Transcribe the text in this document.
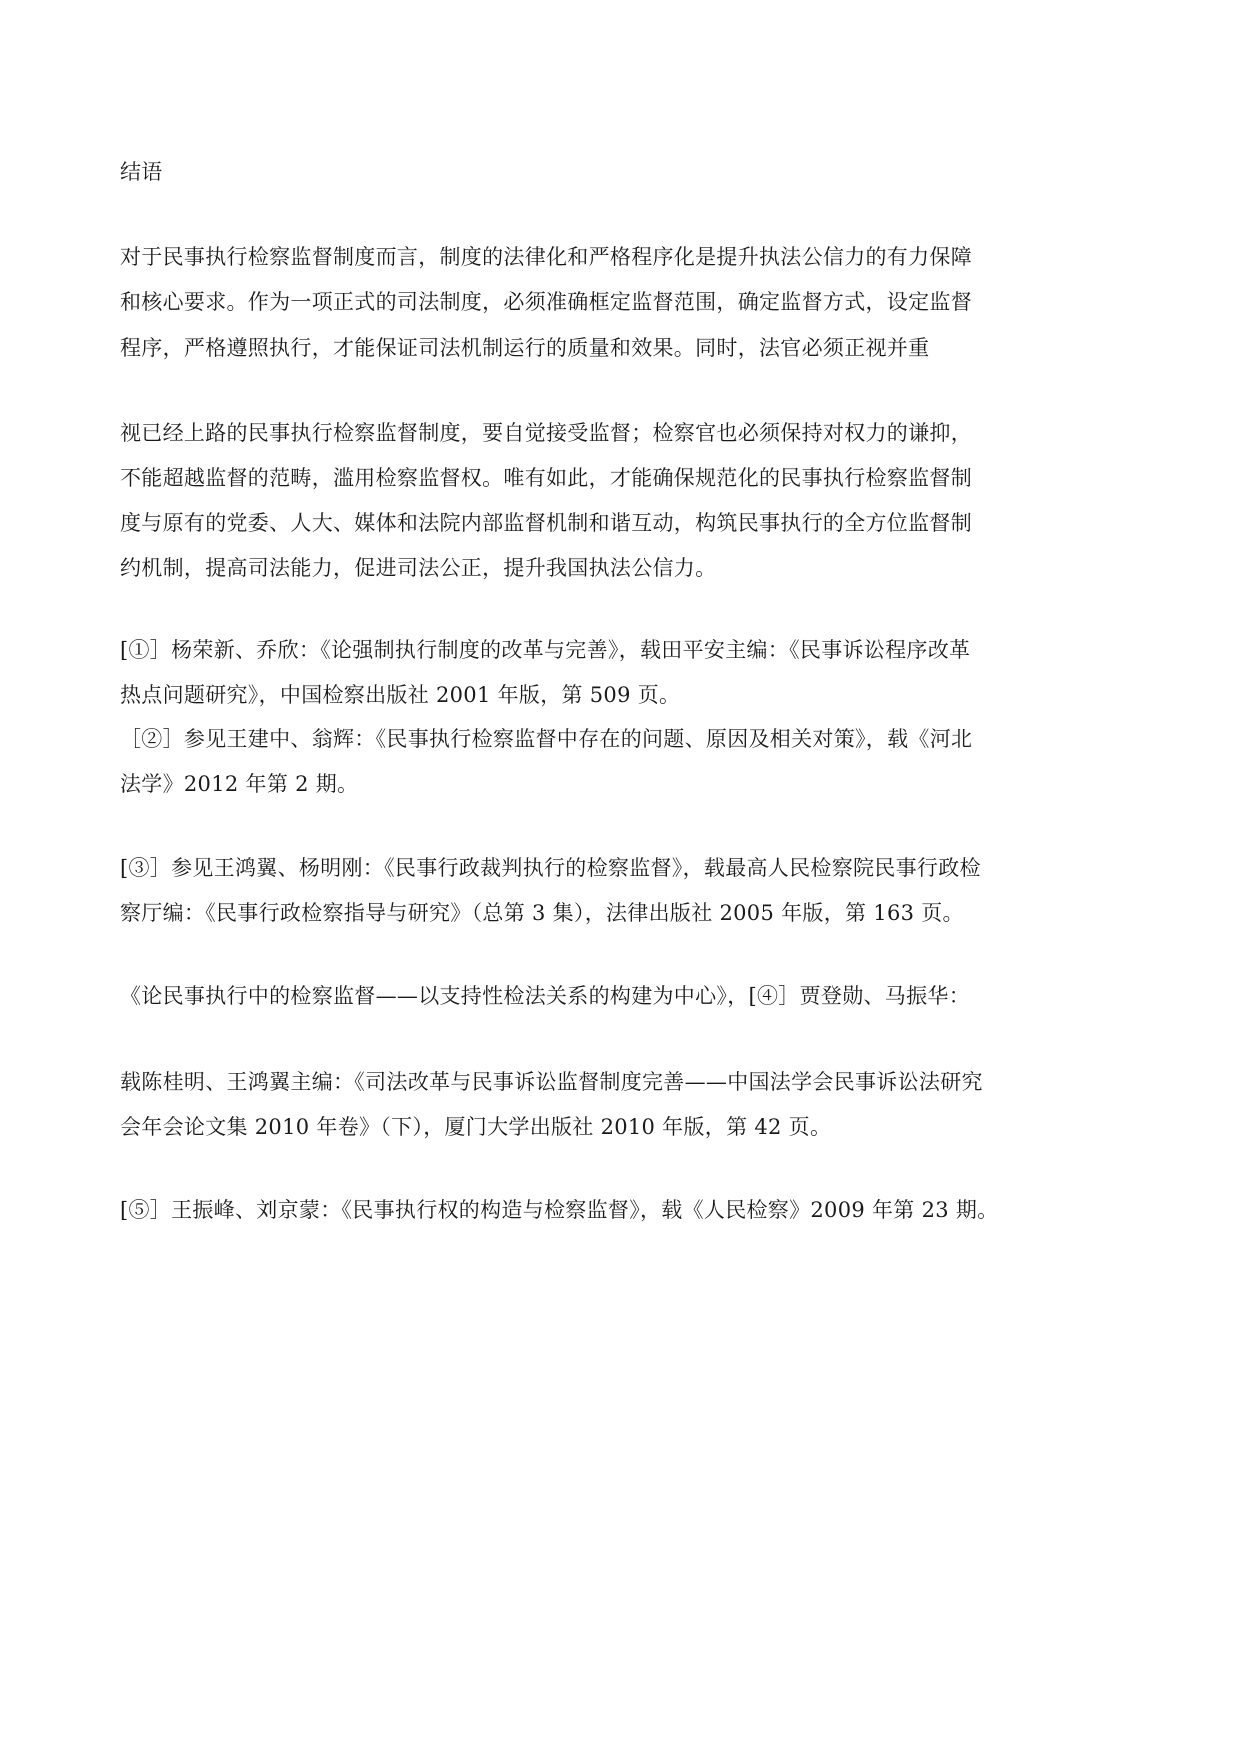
结语
对于民事执行检察监督制度而言，制度的法律化和严格程序化是提升执法公信力的有力保障
和核心要求。作为一项正式的司法制度，必须准确框定监督范围，确定监督方式，设定监督
程序，严格遵照执行，才能保证司法机制运行的质量和效果。同时，法官必须正视并重
视已经上路的民事执行检察监督制度，要自觉接受监督；检察官也必须保持对权力的谦抑，
不能超越监督的范畴，滥用检察监督权。唯有如此，才能确保规范化的民事执行检察监督制
度与原有的党委、人大、媒体和法院内部监督机制和谐互动，构筑民事执行的全方位监督制
约机制，提高司法能力，促进司法公正，提升我国执法公信力。
[①］杨荣新、乔欣：《论强制执行制度的改革与完善》，载田平安主编：《民事诉讼程序改革
热点问题研究》，中国检察出版社 2001 年版，第 509 页。
［②］参见王建中、翁辉：《民事执行检察监督中存在的问题、原因及相关对策》，载《河北
法学》2012 年第 2 期。
[③］参见王鸿翼、杨明刚：《民事行政裁判执行的检察监督》，载最高人民检察院民事行政检
察厅编：《民事行政检察指导与研究》（总第 3 集），法律出版社 2005 年版，第 163 页。
《论民事执行中的检察监督——以支持性检法关系的构建为中心》，[④］贾登勋、马振华：
载陈桂明、王鸿翼主编：《司法改革与民事诉讼监督制度完善——中国法学会民事诉讼法研究
会年会论文集 2010 年卷》（下），厦门大学出版社 2010 年版，第 42 页。
[⑤］王振峰、刘京蒙：《民事执行权的构造与检察监督》，载《人民检察》2009 年第 23 期。
